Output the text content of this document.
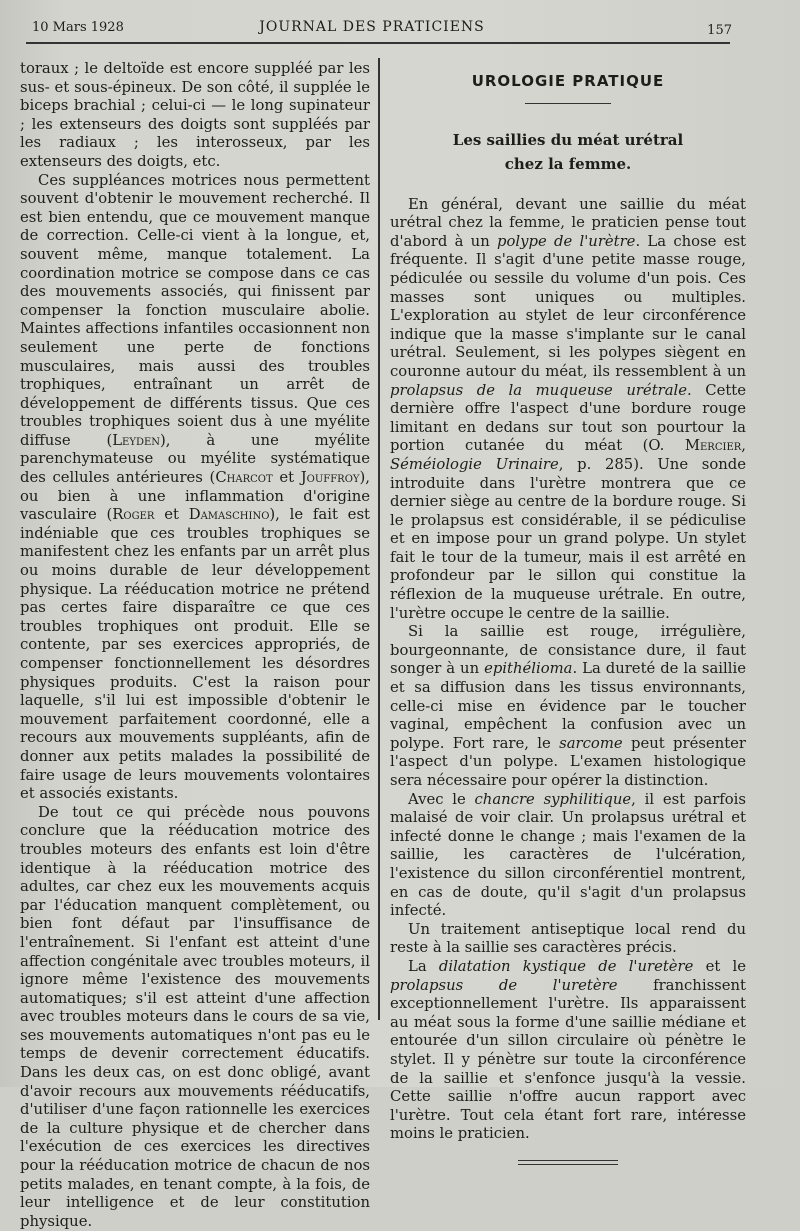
10 Mars 1928	JOURNAL DES PRATICIENS	157

toraux ; le deltoïde est encore suppléé par les sus- et sous-épineux. De son côté, il supplée le biceps brachial ; celui-ci — le long supinateur ; les extenseurs des doigts sont suppléés par les radiaux ; les interosseux, par les extenseurs des doigts, etc.

Ces suppléances motrices nous permettent souvent d'obtenir le mouvement recherché. Il est bien entendu, que ce mouvement manque de correction. Celle-ci vient à la longue, et, souvent même, manque totalement. La coordination motrice se compose dans ce cas des mouvements associés, qui finissent par compenser la fonction musculaire abolie. Maintes affections infantiles occasionnent non seulement une perte de fonctions musculaires, mais aussi des troubles trophiques, entraînant un arrêt de développement de différents tissus. Que ces troubles trophiques soient dus à une myélite diffuse (Leyden), à une myélite parenchymateuse ou myélite systématique des cellules antérieures (Charcot et Jouffroy), ou bien à une inflammation d'origine vasculaire (Roger et Damaschino), le fait est indéniable que ces troubles trophiques se manifestent chez les enfants par un arrêt plus ou moins durable de leur développement physique. La rééducation motrice ne prétend pas certes faire disparaître ce que ces troubles trophiques ont produit. Elle se contente, par ses exercices appropriés, de compenser fonctionnellement les désordres physiques produits. C'est la raison pour laquelle, s'il lui est impossible d'obtenir le mouvement parfaitement coordonné, elle a recours aux mouvements suppléants, afin de donner aux petits malades la possibilité de faire usage de leurs mouvements volontaires et associés existants.

De tout ce qui précède nous pouvons conclure que la rééducation motrice des troubles moteurs des enfants est loin d'être identique à la rééducation motrice des adultes, car chez eux les mouvements acquis par l'éducation manquent complètement, ou bien font défaut par l'insuffisance de l'entraînement. Si l'enfant est atteint d'une affection congénitale avec troubles moteurs, il ignore même l'existence des mouvements automatiques; s'il est atteint d'une affection avec troubles moteurs dans le cours de sa vie, ses mouvements automatiques n'ont pas eu le temps de devenir correctement éducatifs. Dans les deux cas, on est donc obligé, avant d'avoir recours aux mouvements rééducatifs, d'utiliser d'une façon rationnelle les exercices de la culture physique et de chercher dans l'exécution de ces exercices les directives pour la rééducation motrice de chacun de nos petits malades, en tenant compte, à la fois, de leur intelligence et de leur constitution physique.

UROLOGIE PRATIQUE
Les saillies du méat urétral
chez la femme.

En général, devant une saillie du méat urétral chez la femme, le praticien pense tout d'abord à un polype de l'urètre. La chose est fréquente. Il s'agit d'une petite masse rouge, pédiculée ou sessile du volume d'un pois. Ces masses sont uniques ou multiples. L'exploration au stylet de leur circonférence indique que la masse s'implante sur le canal urétral. Seulement, si les polypes siègent en couronne autour du méat, ils ressemblent à un prolapsus de la muqueuse urétrale. Cette dernière offre l'aspect d'une bordure rouge limitant en dedans sur tout son pourtour la portion cutanée du méat (O. Mercier, Séméiologie Urinaire, p. 285). Une sonde introduite dans l'urètre montrera que ce dernier siège au centre de la bordure rouge. Si le prolapsus est considérable, il se pédiculise et en impose pour un grand polype. Un stylet fait le tour de la tumeur, mais il est arrêté en profondeur par le sillon qui constitue la réflexion de la muqueuse urétrale. En outre, l'urètre occupe le centre de la saillie.

Si la saillie est rouge, irrégulière, bourgeonnante, de consistance dure, il faut songer à un epithélioma. La dureté de la saillie et sa diffusion dans les tissus environnants, celle-ci mise en évidence par le toucher vaginal, empêchent la confusion avec un polype. Fort rare, le sarcome peut présenter l'aspect d'un polype. L'examen histologique sera nécessaire pour opérer la distinction.

Avec le chancre syphilitique, il est parfois malaisé de voir clair. Un prolapsus urétral et infecté donne le change ; mais l'examen de la saillie, les caractères de l'ulcération, l'existence du sillon circonférentiel montrent, en cas de doute, qu'il s'agit d'un prolapsus infecté.

Un traitement antiseptique local rend du reste à la saillie ses caractères précis.

La dilatation kystique de l'uretère et le prolapsus de l'uretère franchissent exceptionnellement l'urètre. Ils apparaissent au méat sous la forme d'une saillie médiane et entourée d'un sillon circulaire où pénètre le stylet. Il y pénètre sur toute la circonférence de la saillie et s'enfonce jusqu'à la vessie. Cette saillie n'offre aucun rapport avec l'urètre. Tout cela étant fort rare, intéresse moins le praticien.
